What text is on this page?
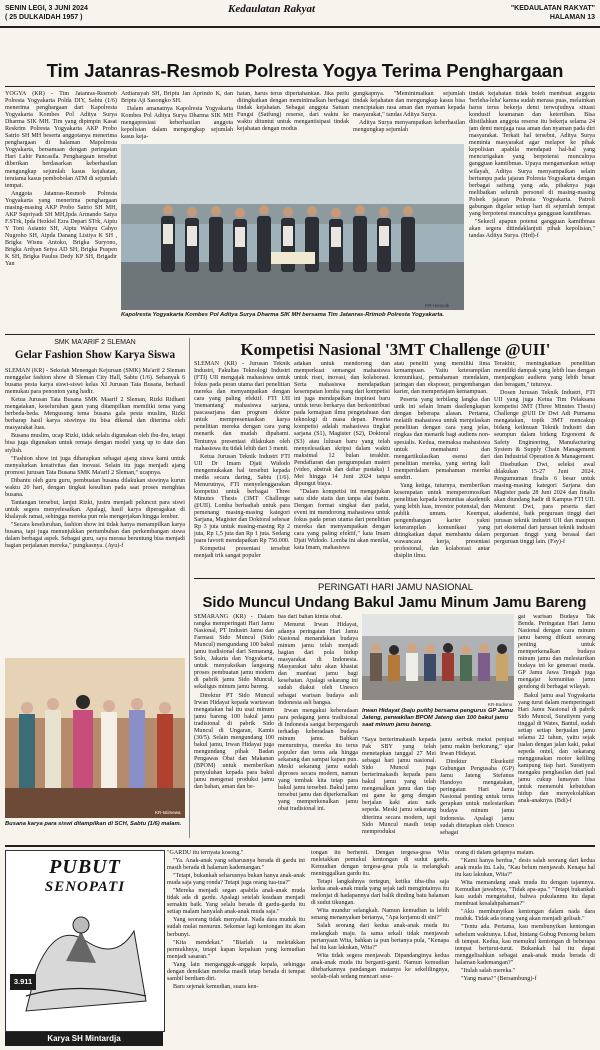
SENIN LEGI, 3 JUNI 2024
( 25 DULKAIDAH 1957 )
Kedaulatan Rakyat	"KEDAULATAN RAKYAT"
HALAMAN 13
Tim Jatanras-Resmob Polresta Yogya Terima Penghargaan

YOGYA (KR) - Tim Jatanras-Resmob Polresta Yogyakarta Polda DIY, Sabtu (1/6) menerima penghargaan dari Kapolresta Yogyakarta Kombes Pol Aditya Surya Dharma SIK MH. Tim yang dipimpin Kasat Reskrim Polresta Yogyakarta AKP Probo Satrio SH MH beserta anggotanya menerima penghargaan di halaman Mapolresta Yogyakarta, bersamaan dengan peringatan Hari Lahir Pancasila. Penghargaan tersebut diberikan berdasarkan keberhasilan mengungkap sejumlah kasus kejahatan, terutama kasus pembobolan ATM di sejumlah tempat.

Anggota Jatanras-Resmob Polresta Yogyakarta yang menerima penghargaan masing-masing AKP Probo Satrio SH MH, AKP Supriyadi SH MH,Ipda Armando Satya F.STrk, Ipda Hezkiel Ezra Depari STrk, Aiptu Y Toni Asianto SH, Aiptu Wahyu Cahyo Nugroho SH, Aipda Danang Listiya K SH , Brigka Wisnu Antoko, Brigka Suryono, Brigka Ardyan Setya AD SH, Brigka Puspen K SH, Brigka Paulus Dedy KP SH, Brigadir Yan

Ardiansyah SH, Briptu Jan Aprindo K, dan Briptu Aji Sasongko SH.

Dalam amanatnya Kapolresta Yogyakarta Kombes Pol Aditya Surya Dharma SIK MH mengapresiasi keberhasilan anggota kepolisian dalam mengungkap sejumlah kasus keja-

hatan, harus terus dipertahankan. Jika perlu ditingkatkan dengan meminimalkan berbagai tindak kejahatan. Sebagai anggota Satuan Fungsi (Satfung) reserse, dari waktu ke waktu dituntut untuk mengantisipasi tindak kejahatan dengan modus

gungkapnya. "Meminimalkan sejumlah tindak kejahatan dan mengungkap kasus bisa menciptakan rasa aman dan nyaman kepada masyarakat," tandas Aditya Surya.

Aditya Surya menyampaikan keberhasilan mengungkap sejumlah

tindak kejahatan tidak boleh membuat anggota 'berleha-leha' karena sudah merasa puas, melainkan harus terus bekerja demi terwujudnya situasi kondusif keamanan dan ketertiban. Bisa diistilahkan anggota reserse itu bekerja selama 24 jam demi menjaga rasa aman dan nyaman pada diri masyarakat. Terkait hal tersebut, Aditya Surya meminta masyarakat agar melapor ke pihak kepolisian apabila mendapati hal-hal yang mencurigakan yang berpotensi munculnya gangguan kamtibmas. Upaya mengamankan setiap wilayah, Aditya Surya menyampaikan selain bertumpu pada jajaran Polresta Yogyakarta dengan berbagai satfung yang ada, pihaknya juga melibatkan seluruh personel di masing-masing Polsek jajaran Polresta Yogyakarta. Patroli gabungan digelar setiap hari di sejumlah tempat yang berpotensi munculnya gangguan kamtibmas.

"Sekecil apapun potensi gangguan kamtibmas akan segera ditindaklanjuti pihak kepolisian," tandas Aditya Surya. (Hrd)-f

KR-Hanyudi
Kapolresta Yogyakarta Kombes Pol Aditya Surya Dharma SIK MH bersama Tim Jatanras-Rrimob Polresta Yogyakarta.
SMK MA'ARIF 2 SLEMAN
Gelar Fashion Show Karya Siswa

SLEMAN (KR) - Sekolah Menengah Kejuruan (SMK) Ma'arif 2 Sleman menggelar fashion show di Sleman City Hall, Sabtu (1/6). Sebanyak 6 busana pesta karya siswi-siswi kelas XI Jurusan Tata Busana, berhasil memukau para penonton yang hadir.

Ketua Jurusan Tata Busana SMK Maarif 2 Sleman, Rizki Ridhani mengatakan, keseluruhan gaun yang ditampilkan memiliki tema yang berbeda-beda. Mengusung tema busana gala pesta muslim, Rizki berharap hasil karya siswinya itu bisa dikenal dan diterima oleh masyarakat luas.

Busana muslim, ucap Rizki, tidak selalu digunakan oleh ibu-ibu, tetapi bisa juga digunakan untuk remaja dengan model yang up to date dan stylish.

"Fashion show ini juga diharapkan sebagai ajang siswa kami untuk menyalurkan kreativitas dan inovasi. Selain itu juga menjadi ajang promosi jurusan Tata Busana SMK Ma'arif 2 Sleman," ucapnya.

Dibantu oleh guru guru, pembuatan busana dilakukan siswinya kurun waktu 20 hari, dengan tingkat kesulitan pada saat proses menghias busana.

Tantangan tersebut, lanjut Rizki, justru menjadi peluncut para siswi untuk segera menyelesaikan. Apalagi, hasil karya diperagakan di khalayak ramai, sehingga mereka pun rela mengerjakan hingga lembur.

"Secara keseluruhan, fashion show ini tidak hanya menampilkan karya busana, tapi juga menunjukkan pertumbuhan dan perkembangan siswa dalam berbagai aspek. Sebagai guru, saya merasa beruntung bisa menjadi bagian perjalanan mereka," pungkasnya. (Ayu)-f

KR-Istimewa
Busana karya para siswi ditampilkan di SCH, Sabtu (1/6) malam.
Kompetisi Nasional '3MT Challenge @UII'

SLEMAN (KR) - Jurusan Teknik Industri, Fakultas Teknologi Industri (FTI) UII mengajak mahasiswa untuk fokus pada peran utama dari penelitian mereka dan menyampaikan dengan cara yang paling efektif. FTI UII 'memantang' mahasiswa sarjana, pascasarjana dan program doktor untuk mempresentasikan karya penelitian mereka dengan cara yang menarik dan mudah dipahami. Tentunya presentasi dilakukan oleh mahasiswa itu tidak lebih dari 3 menit.

Ketua Jurusan Teknik Industri FTI UII Dr Imam Djati Widodo mengemukakan hal tersebut kepada media secara daring, Sabtu (1/6). Menurutnya, FTI menyelenggarakan kompetisi untuk berbagai Three Minutes Thesis (3MT Challenge @UII). Lomba berhadiah untuk para pemenang masing-masing kategori Sarjana, Magister dan Doktoral sebesar Rp 3 juta untuk masing-masing Rp 2 juta, Rp 1,5 juta dan Rp 1 juta. Sedang juara favorit mendapatkan Rp 750.000.

Kompetisi presentasi tersebut menjadi trik sangat populer

adakan untuk mendorong dan memperkuat semangat mahasiswa untuk riset, inovasi, dan kolaborasi. Serta mahasiswa mendapatkan kesempatan lomba yang dari kompetisi ini juga mendapatkan inspirasi baru untuk terus berkarya dan berkontribusi pada kemajuan ilmu pengetahuan dan teknologi di masa depan. Peserta kompetisi adalah mahasiswa tingkat sarjana (S1), Magister (S2), Doktoral (S3) atau lulusan baru yang telah menyelesaikan skripsi dalam waktu maksimal 12 bulan terakhir. Pendaftaran dan pengumpulan materi (video, abstrak dan daftar pustaka) 1 Mei hingga 14 Juni 2024 tanpa dipungut biaya.

"Dalam kompetisi ini mengajukan satu slide statis dan tanpa alat bantu. Dengan format singkat dan padat, event ini mendorong mahasiswa untuk fokus pada peran utama dari penelitian mereka dan menyampaikan dengan cara yang paling efektif," kata Imam Djati Widodo. Lomba ini akan menilai, kata Imam, mahasiswa

atau peneliti yang memiliki lima kemampuan. Yaitu keterampilan komunikasi, pemahaman mendalam, jaringan dan eksposur, pengembangan karier, dan mempertajam kemampuan.

Peserta yang terbilang langka dan unik ini selain Imam dasilengkapan dengan beberapa alasan. Pertama, melatih mahasiswa untuk menjelaskan penelitian dengan cara yang jelas, ringkas dan menarik bagi audiens non-spesialis. Kedua, memaksa mahasiswa untuk memahami dan mengartikulasikan esensi dari penelitian mereka, yang sering kali memperdalam pemahaman mereka sendiri.

Yang ketiga, tuturnya, memberikan kesempatan untuk memperomosikan penelitian kepada komunitas akademik yang lebih luas, investor potensial, dan publik umum. Keempat, pengembangan karier yakni keterampilan komunikasi yang ditingkatkan dapat membantu dalam wawancara kerja, presentasi profesional, dan kolaborasi antar disiplin ilmu.

Terakhir, meningkatkan penelitian memiliki dampak yang lebih luas dengan menjangkau audiens yang lebih besar dan beragam," tutursya.

Dosen Jurusan Teknik Industri, FTI UII yang juga Ketua Tim Pelaksana kompetisi 3MT (Three Minutes Thesis) Challenge @UII Dr Dwi Adi Purnama mengatakan, topik 3MT mencakup bidang keilmuan Teknik Industri dan seumpun dalam bidang Ergonomi & Safety Engineering, Manufacturing System & Supply Chain Management dan Industrial Operation & Management.

Disebutkan Dwi, seleksi awal dilakukan 15-27 Juni 2024. Pengumuman finalis 6 besar untuk masing-masing kategori Sarjana dan Magister pada 28 Juni 2024 dan finalis akan diundang hadir di Kampus FTI UII. Menurut Dwi, para peserta dari akademisi, baik perguruan tinggi dari jurusan teknik industri UII dan maupun juri eksternal dari jurusan teknik industri perguruan tinggi yang berasal dari perguruan tinggi lain. (Fsy)-f

PERINGATI HARI JAMU NASIONAL
Sido Muncul Undang Bakul Jamu Minum Jamu Bareng

SEMARANG (KR) - Dalam rangka memperingati Hari Jamu Nasional, PT Industri Jamu dan Farmasi Sido Muncul (Sido Muncul) mengundang 100 bakul jamu tradisional dari Semarang, Solo, Jakarta dan Yogyakarta, untuk menyaksikan langsung proses pembuatan jamu modern di pabrik jamu Sido Muncul, sekaligus minum jamu bareng.

Direktur PT Sido Muncul Irwan Hidayat kepada wartawan mengatakan hal itu usai minum jamu bareng 100 bakul jamu tradisional di pabrik Sido Muncul di Ungaran, Kamis (30/5). Selain mengundang 100 bakul jamu, Irwan Hidayat juga mengundang pihak Badan Pengawas Obat dan Makanan (BPOM) untuk memberikan penyuluhan kepada para bakul jamu mengenai produksi jamu dan bahan, aman dan be-

bas dari bahan kimia obat.

Menurut Irwan Hidayat, adanya peringatan Hari Jamu Nasional menandakan budaya minum jamu telah menjadi bagian dari pola hidup masyarakat di Indonesia. Masyarakat tahu akan khasiat dan manfaat jamu bagi kesehatan. Apalagi sekarang ini sudah diakui oleh Unesco sebagai warisan budaya asli Indonesia asli bangsa.

Irwan mengakui keberadaan para pedagang jamu tradisional di Indonesia sangat berpengaruh terhadap keberadaan budaya minum jamu. Bahkan menurutnya, mereka itu terus populer dan terus ada hingga sekarang dan sampai kapan pun. Meski sekarang jamu sudah diproses secara modern, namun yang tombak kita tetap para bakul jamu tersebut. Bakul jamu tersebut jamu dan diperkenalkan yang memperkenalkan jamu obat tradisional ini.

KR-Budiono
Irwan Hidayat (baju putih) bersama pengurus GP Jamu Jateng, perwakilan BPOM Jateng dan 100 bakul jamu saat minum jamu bareng.

"Saya berterimakasih kepada Pak SBY yang telah menetapkan tanggal 27 Mei sebagai hari jamu nasional. Sido Muncul juga berterimakasih kepada para bakul jamu yang telah mengenalkan jamu dan tiap mi gane ke geng dengan berjalan kaki atau naik sepeda. Meski jamu sekarang diterima secara modern, tapi Sido Muncul masih tetap memproduksi

jamu serbuk meksi penjual jamu makin berkurang," ujar Irwan Hidayat.

Direktur Eksekutif Gubungan Pengusaha (GP) Jamu Jateng Stefanus Handoyo mengatakan, peringatan Hari Jamu Nasional penting untuk terus gerapkan untuk melestarikan budaya minum jamu Indonesia. Apalagi jamu sudah ditetapkan oleh Unesco sebagai

gai warisan Budaya Tak Benda. Peringatan Hari Jamu Nasional dengan cara minum jamu bareng diikuti seorang penting untuk memperkenalkan budaya minum jamu dan melestarikan budaya ini ke generasi muda. GP Jamu Jawa Tengah juga mengajar komunitas jamu gendong di berbagai wilayah.

Bakul jamu asal Yogyakarta yang turut dalam memperingati Hari Jamu Nasional di pabrik Sido Muncul, Suratiyem yang tinggal di Wates, Bantul, sudah setiap setiap berjualan jamu selama 22 tahun, yaitu sejak jualan dengan jalan kaki, pakai sepeda ontel, dan sekarang menggunakan motor keliling kampung tiap hari. Suratiyem mengaku penghasilan dari jual jamu cukup lumayan bisa untuk memenuhi kebutuhan hidup dan menyekolahkan anak-anaknya. (Bdi)-f

PUBUT
SENOPATI
3.911
Karya SH Mintardja

"GARDU itu ternyata kosong."

"Ya. Anak-anak yang seharusnya berada di gardu ini masih berada di halaman kademangan."

"Tetapi, bukankah seharusnya bukan hanya anak-anak muda saja yang ronda? Tetapi juga orang tua-tua?"

"Mereka menjadi segan apabila anak-anak muda tidak ada di gardu. Apalagi setelah keadaan menjadi semakin baik. Yang selalu berada di gardu-gardu itu setiap malam hanyalah anak-anak muda saja."

Yang seorang tidak menyahut. Nada dara muduk itu sudah mulai menurun. Sekemar lagi kentongan itu akan berbunyi.

"Kita mendekat." "Biarlah ia meletakkan permukhnya, tetapi kapan kepaluan yang kemudian menjadi sasaran."

Yang lain mengangguk-angguk kepala, sehingga dengan demikian mereka masih tetap berada di tempat sambil berdiam diri.

Baru sejenak kemudian, suara ken-

tongan itu berhenti. Dengan tergesa-gesa Wita meletakkan pemukul kentongan di sudut gardu. Kemudian dengan tergesa-gesa pula ia melangkah meninggalkan gardu itu.

Tetapi langkahnya tertegun, ketika tiba-tiba saja kedua anak-anak muda yang sejak tadi mengintainya itu melonjat di hadapannya dari balik dinding batu halaman di sudut tikungan.

Wita mundur selangkah. Namun kemudian ia lebih senang menanyakan bertanya, "Apa kerjamu di sini?"

Salah seorang dari kedua anak-anak muda itu melangkah maju. Ia sama sekali tidak menjawab pertanyaan Wita, bahkan ia pun bertanya pula, "Kenapa hal itu kau lakukan, Wita?"

Wita tidak segera menjawab. Dipandanginya kedua anak-anak muda itu berganti-ganti. Namun kemudian ditebarkannya pandangan matanya ke sekelilingnya, seolah-olah sedang mencari sese-

orang di dalam gelapnya malam.

"Kami hanya berdua," desis salah seorang dari kedua anak muda itu. Lalu, "Kau belum menjawab. Kenapa hal itu kau lakukan, Wita?"

Wita memandang anak muda itu dengan tajamnya. Kemudian jawabnya, "Tidak apa-apa." "Tetapi bukankah kau sudah mengetahui, bahwa pukulanmu itu dapat membuat kesalahpahaman?"

"Aku membunyikan kentongan dalam nada dara muduk. Tidak ada orang yang akan menjadi gelisah."

"Tentu ada. Pertama, kau membunyikan kentongan sebelum waktunya. Lihat, bintang Gubug Penceng belum di tempat. Kedua, kau memukul kentongan di beberapa tempat berturut-turut. Bukankah hal itu dapat menggelisahkan sebagai anak-anak muda berada di halaman kademangan?"

"Itulah salah mereka."

"Yang mana?" (Bersambung)-f
